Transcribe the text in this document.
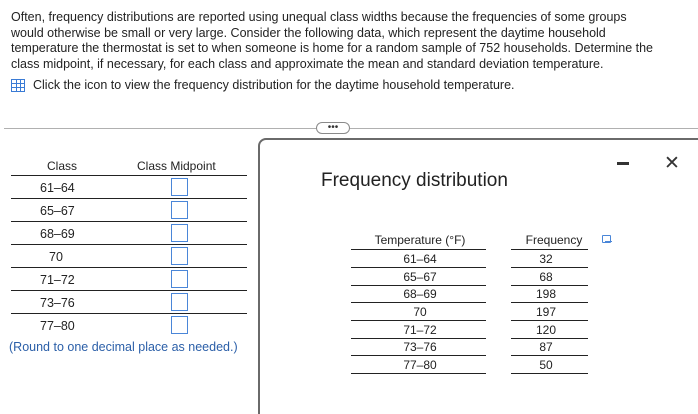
Often, frequency distributions are reported using unequal class widths because the frequencies of some groups
would otherwise be small or very large. Consider the following data, which represent the daytime household
temperature the thermostat is set to when someone is home for a random sample of 752 households. Determine the
class midpoint, if necessary, for each class and approximate the mean and standard deviation temperature.
Click the icon to view the frequency distribution for the daytime household temperature.
•••
Class	Class Midpoint
61–64
65–67
68–69
70
71–72
73–76
77–80
(Round to one decimal place as needed.)
Frequency distribution
✕
Temperature (°F)	Frequency
61–64	32
65–67	68
68–69	198
70	197
71–72	120
73–76	87
77–80	50
